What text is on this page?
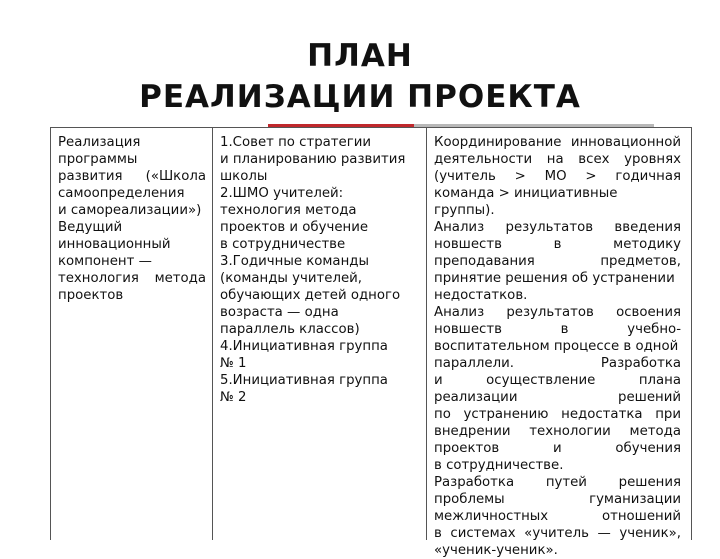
ПЛАН
РЕАЛИЗАЦИИ ПРОЕКТА

Реализация

программы

развития («Школа

самоопределения

и самореализации»)

Ведущий

инновационный

компонент —

технология метода

проектов

1.Совет по стратегии

и планированию развития

школы

2.ШМО учителей:

технология метода

проектов и обучение

в сотрудничестве

3.Годичные команды

(команды учителей,

обучающих детей одного

возраста — одна

параллель классов)

4.Инициативная группа

№ 1

5.Инициативная группа

№ 2

Координирование инновационной

деятельности на всех уровнях

(учитель > МО > годичная

команда > инициативные группы).

Анализ результатов введения

новшеств в методику

преподавания предметов,

принятие решения об устранении

недостатков.

Анализ результатов освоения

новшеств в учебно-

воспитательном процессе в одной

параллели. Разработка

и осуществление плана

реализации решений

по устранению недостатка при

внедрении технологии метода

проектов и обучения

в сотрудничестве.

Разработка путей решения

проблемы гуманизации

межличностных отношений

в системах «учитель — ученик»,

«ученик-ученик».
